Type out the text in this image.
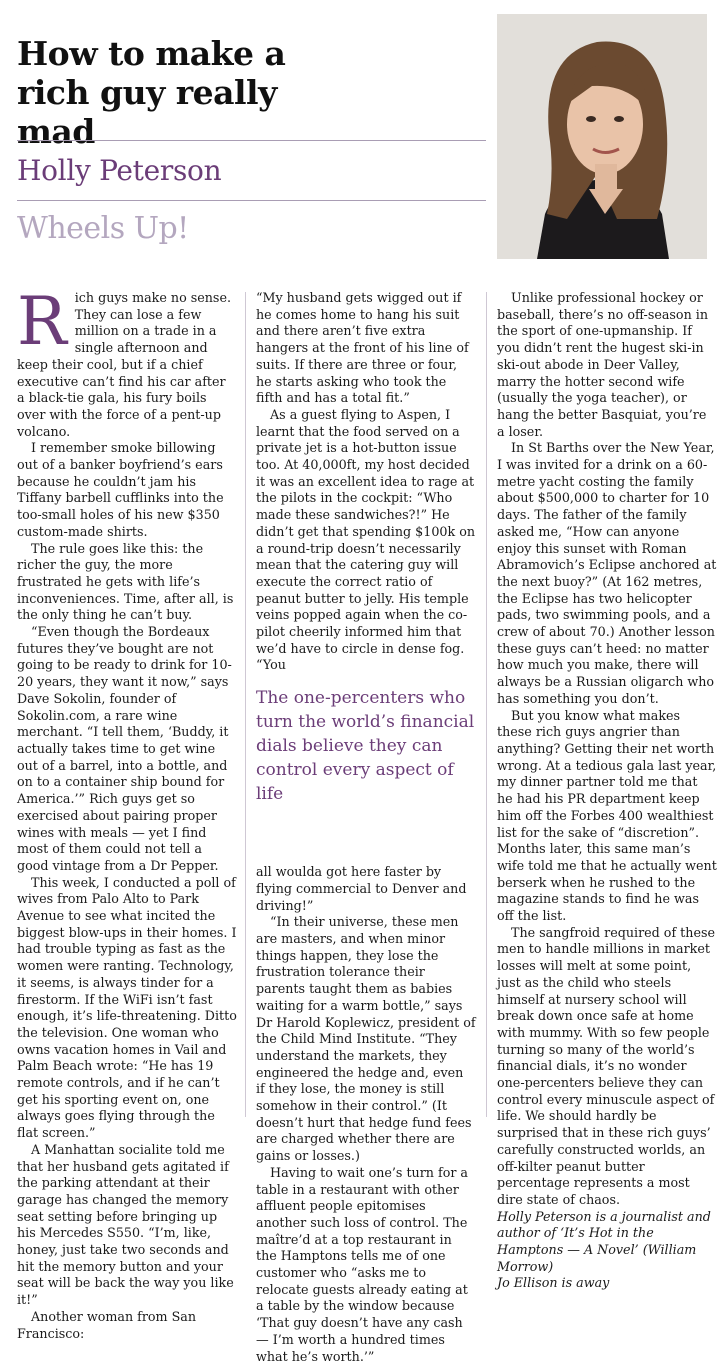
How to make a rich guy really mad
Holly Peterson
Wheels Up!

Rich guys make no sense. They can lose a few million on a trade in a single afternoon and keep their cool, but if a chief executive can’t find his car after a black-tie gala, his fury boils over with the force of a pent-up volcano.

I remember smoke billowing out of a banker boyfriend’s ears because he couldn’t jam his Tiffany barbell cufflinks into the too-small holes of his new $350 custom-made shirts.

The rule goes like this: the richer the guy, the more frustrated he gets with life’s inconveniences. Time, after all, is the only thing he can’t buy.

“Even though the Bordeaux futures they’ve bought are not going to be ready to drink for 10-20 years, they want it now,” says Dave Sokolin, founder of Sokolin.com, a rare wine merchant. “I tell them, ‘Buddy, it actually takes time to get wine out of a barrel, into a bottle, and on to a container ship bound for America.’” Rich guys get so exercised about pairing proper wines with meals — yet I find most of them could not tell a good vintage from a Dr Pepper.

This week, I conducted a poll of wives from Palo Alto to Park Avenue to see what incited the biggest blow-ups in their homes. I had trouble typing as fast as the women were ranting. Technology, it seems, is always tinder for a firestorm. If the WiFi isn’t fast enough, it’s life-threatening. Ditto the television. One woman who owns vacation homes in Vail and Palm Beach wrote: “He has 19 remote controls, and if he can’t get his sporting event on, one always goes flying through the flat screen.”

A Manhattan socialite told me that her husband gets agitated if the parking attendant at their garage has changed the memory seat setting before bringing up his Mercedes S550. “I’m, like, honey, just take two seconds and hit the memory button and your seat will be back the way you like it!”

Another woman from San Francisco:

“My husband gets wigged out if he comes home to hang his suit and there aren’t five extra hangers at the front of his line of suits. If there are three or four, he starts asking who took the fifth and has a total fit.”

As a guest flying to Aspen, I learnt that the food served on a private jet is a hot-button issue too. At 40,000ft, my host decided it was an excellent idea to rage at the pilots in the cockpit: “Who made these sandwiches?!” He didn’t get that spending $100k on a round-trip doesn’t necessarily mean that the catering guy will execute the correct ratio of peanut butter to jelly. His temple veins popped again when the co-pilot cheerily informed him that we’d have to circle in dense fog. “You

The one-percenters who turn the world’s financial dials believe they can control every aspect of life

all woulda got here faster by flying commercial to Denver and driving!”

“In their universe, these men are masters, and when minor things happen, they lose the frustration tolerance their parents taught them as babies waiting for a warm bottle,” says Dr Harold Koplewicz, president of the Child Mind Institute. “They understand the markets, they engineered the hedge and, even if they lose, the money is still somehow in their control.” (It doesn’t hurt that hedge fund fees are charged whether there are gains or losses.)

Having to wait one’s turn for a table in a restaurant with other affluent people epitomises another such loss of control. The maître’d at a top restaurant in the Hamptons tells me of one customer who “asks me to relocate guests already eating at a table by the window because ‘That guy doesn’t have any cash — I’m worth a hundred times what he’s worth.’”

Unlike professional hockey or baseball, there’s no off-season in the sport of one-upmanship. If you didn’t rent the hugest ski-in ski-out abode in Deer Valley, marry the hotter second wife (usually the yoga teacher), or hang the better Basquiat, you’re a loser.

In St Barths over the New Year, I was invited for a drink on a 60-metre yacht costing the family about $500,000 to charter for 10 days. The father of the family asked me, “How can anyone enjoy this sunset with Roman Abramovich’s Eclipse anchored at the next buoy?” (At 162 metres, the Eclipse has two helicopter pads, two swimming pools, and a crew of about 70.) Another lesson these guys can’t heed: no matter how much you make, there will always be a Russian oligarch who has something you don’t.

But you know what makes these rich guys angrier than anything? Getting their net worth wrong. At a tedious gala last year, my dinner partner told me that he had his PR department keep him off the Forbes 400 wealthiest list for the sake of “discretion”. Months later, this same man’s wife told me that he actually went berserk when he rushed to the magazine stands to find he was off the list.

The sangfroid required of these men to handle millions in market losses will melt at some point, just as the child who steels himself at nursery school will break down once safe at home with mummy. With so few people turning so many of the world’s financial dials, it’s no wonder one-percenters believe they can control every minuscule aspect of life. We should hardly be surprised that in these rich guys’ carefully constructed worlds, an off-kilter peanut butter percentage represents a most dire state of chaos.

Holly Peterson is a journalist and author of ‘It’s Hot in the Hamptons — A Novel’ (William Morrow)

Jo Ellison is away
